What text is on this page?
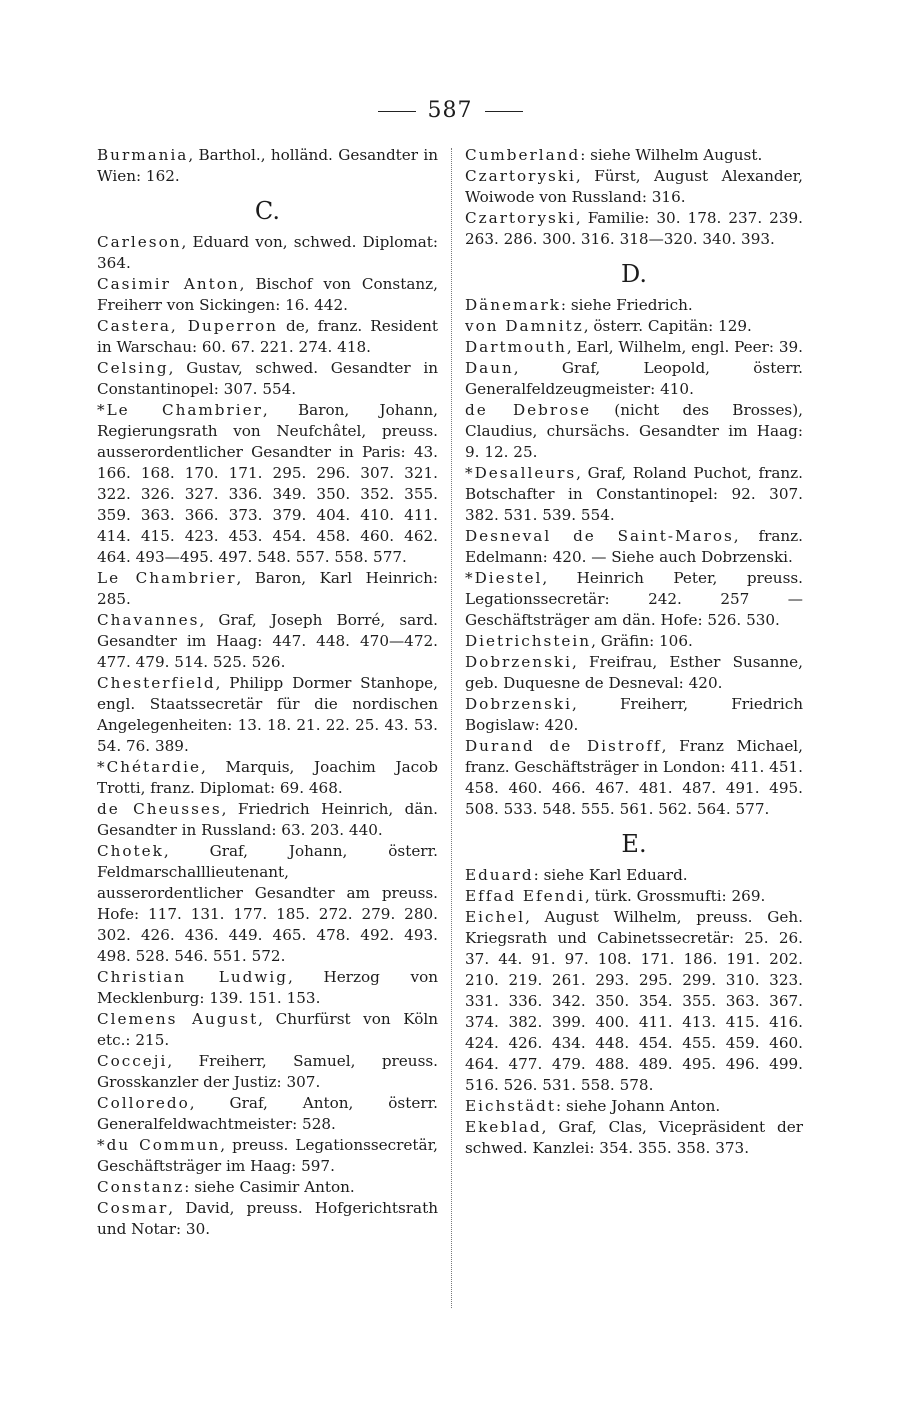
587
Burmania, Barthol., holländ. Gesandter in Wien: 162.
C.
Carleson, Eduard von, schwed. Diplomat: 364.
Casimir Anton, Bischof von Constanz, Freiherr von Sickingen: 16. 442.
Castera, Duperron de, franz. Resident in Warschau: 60. 67. 221. 274. 418.
Celsing, Gustav, schwed. Gesandter in Constantinopel: 307. 554.
*Le Chambrier, Baron, Johann, Regierungsrath von Neufchâtel, preuss. ausserordentlicher Gesandter in Paris: 43. 166. 168. 170. 171. 295. 296. 307. 321. 322. 326. 327. 336. 349. 350. 352. 355. 359. 363. 366. 373. 379. 404. 410. 411. 414. 415. 423. 453. 454. 458. 460. 462. 464. 493—495. 497. 548. 557. 558. 577.
Le Chambrier, Baron, Karl Heinrich: 285.
Chavannes, Graf, Joseph Borré, sard. Gesandter im Haag: 447. 448. 470—472. 477. 479. 514. 525. 526.
Chesterfield, Philipp Dormer Stanhope, engl. Staatssecretär für die nordischen Angelegenheiten: 13. 18. 21. 22. 25. 43. 53. 54. 76. 389.
*Chétardie, Marquis, Joachim Jacob Trotti, franz. Diplomat: 69. 468.
de Cheusses, Friedrich Heinrich, dän. Gesandter in Russland: 63. 203. 440.
Chotek, Graf, Johann, österr. Feldmarschalllieutenant, ausserordentlicher Gesandter am preuss. Hofe: 117. 131. 177. 185. 272. 279. 280. 302. 426. 436. 449. 465. 478. 492. 493. 498. 528. 546. 551. 572.
Christian Ludwig, Herzog von Mecklenburg: 139. 151. 153.
Clemens August, Churfürst von Köln etc.: 215.
Cocceji, Freiherr, Samuel, preuss. Grosskanzler der Justiz: 307.
Colloredo, Graf, Anton, österr. Generalfeldwachtmeister: 528.
*du Commun, preuss. Legationssecretär, Geschäftsträger im Haag: 597.
Constanz: siehe Casimir Anton.
Cosmar, David, preuss. Hofgerichtsrath und Notar: 30.
Cumberland: siehe Wilhelm August.
Czartoryski, Fürst, August Alexander, Woiwode von Russland: 316.
Czartoryski, Familie: 30. 178. 237. 239. 263. 286. 300. 316. 318—320. 340. 393.
D.
Dänemark: siehe Friedrich.
von Damnitz, österr. Capitän: 129.
Dartmouth, Earl, Wilhelm, engl. Peer: 39.
Daun, Graf, Leopold, österr. Generalfeldzeugmeister: 410.
de Debrose (nicht des Brosses), Claudius, chursächs. Gesandter im Haag: 9. 12. 25.
*Desalleurs, Graf, Roland Puchot, franz. Botschafter in Constantinopel: 92. 307. 382. 531. 539. 554.
Desneval de Saint-Maros, franz. Edelmann: 420. — Siehe auch Dobrzenski.
*Diestel, Heinrich Peter, preuss. Legationssecretär: 242. 257 — Geschäftsträger am dän. Hofe: 526. 530.
Dietrichstein, Gräfin: 106.
Dobrzenski, Freifrau, Esther Susanne, geb. Duquesne de Desneval: 420.
Dobrzenski, Freiherr, Friedrich Bogislaw: 420.
Durand de Distroff, Franz Michael, franz. Geschäftsträger in London: 411. 451. 458. 460. 466. 467. 481. 487. 491. 495. 508. 533. 548. 555. 561. 562. 564. 577.
E.
Eduard: siehe Karl Eduard.
Effad Efendi, türk. Grossmufti: 269.
Eichel, August Wilhelm, preuss. Geh. Kriegsrath und Cabinetssecretär: 25. 26. 37. 44. 91. 97. 108. 171. 186. 191. 202. 210. 219. 261. 293. 295. 299. 310. 323. 331. 336. 342. 350. 354. 355. 363. 367. 374. 382. 399. 400. 411. 413. 415. 416. 424. 426. 434. 448. 454. 455. 459. 460. 464. 477. 479. 488. 489. 495. 496. 499. 516. 526. 531. 558. 578.
Eichstädt: siehe Johann Anton.
Ekeblad, Graf, Clas, Vicepräsident der schwed. Kanzlei: 354. 355. 358. 373.
